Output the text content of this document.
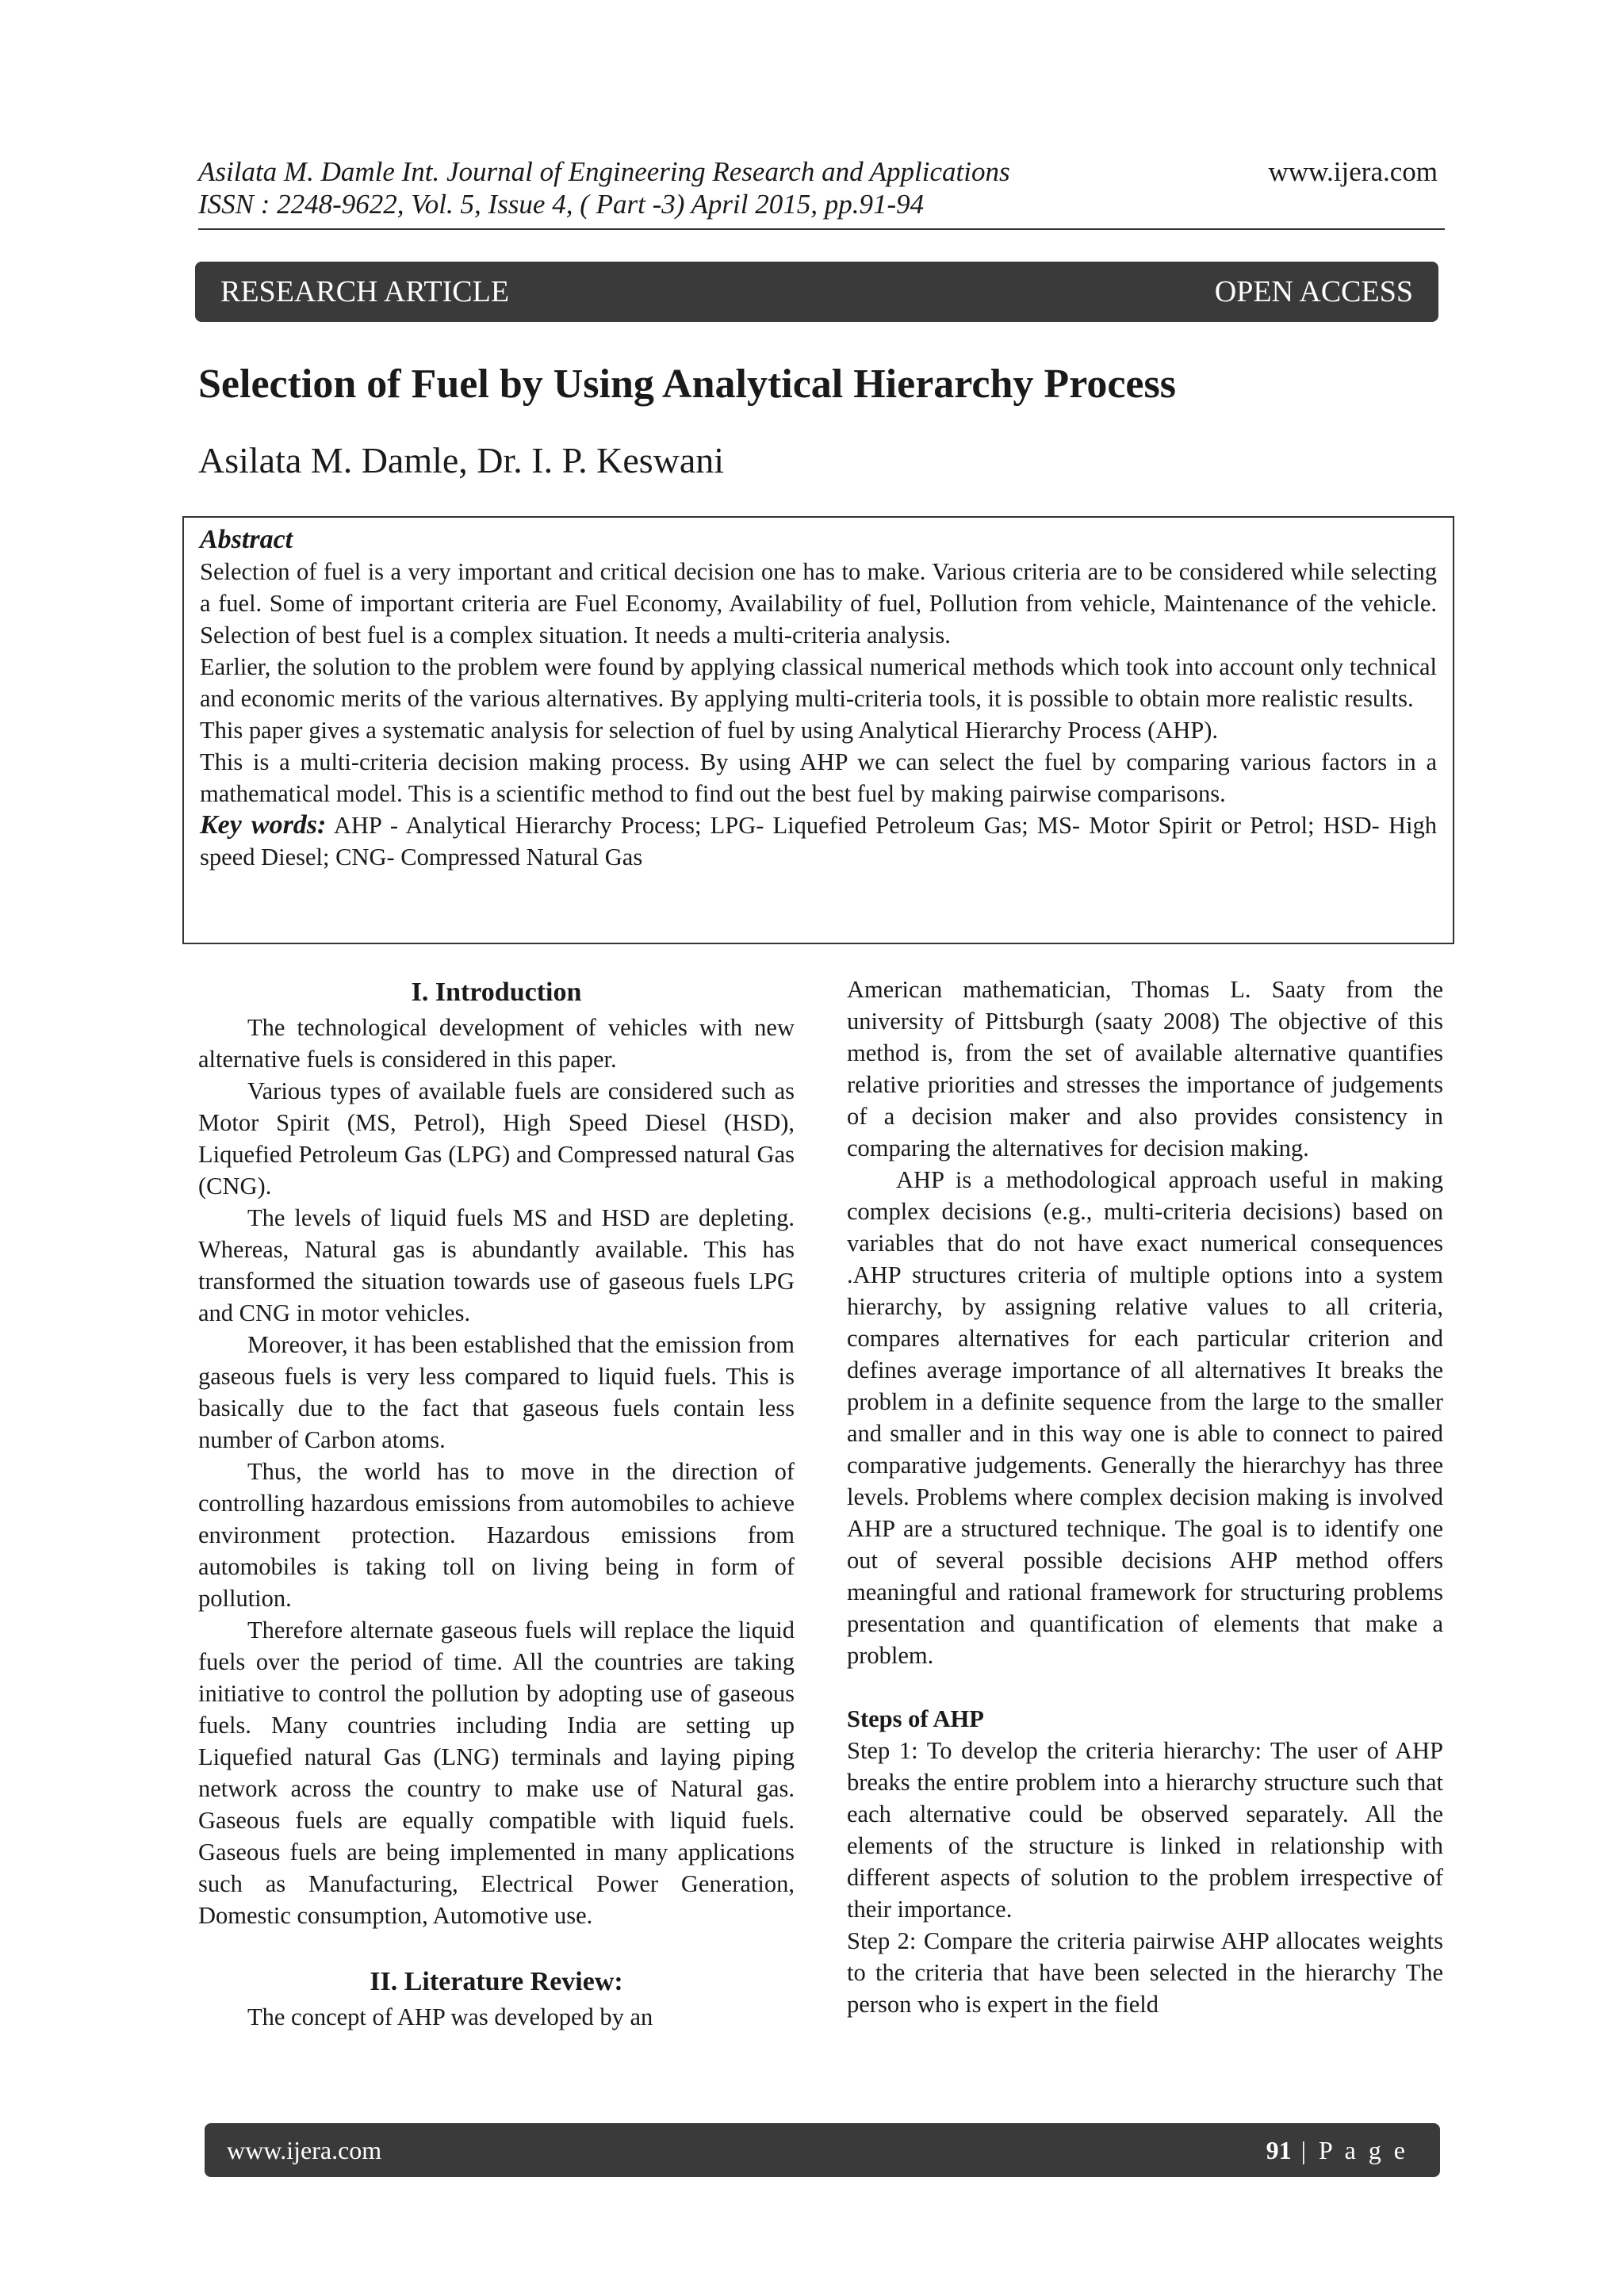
Asilata M. Damle Int. Journal of Engineering Research and Applications
ISSN : 2248-9622, Vol. 5, Issue 4, ( Part -3) April 2015, pp.91-94
www.ijera.com
RESEARCH ARTICLE	OPEN ACCESS
Selection of Fuel by Using Analytical Hierarchy Process
Asilata M. Damle, Dr. I. P. Keswani
Abstract

Selection of fuel is a very important and critical decision one has to make. Various criteria are to be considered while selecting a fuel. Some of important criteria are Fuel Economy, Availability of fuel, Pollution from vehicle, Maintenance of the vehicle. Selection of best fuel is a complex situation. It needs a multi-criteria analysis.

Earlier, the solution to the problem were found by applying classical numerical methods which took into account only technical and economic merits of the various alternatives. By applying multi-criteria tools, it is possible to obtain more realistic results.

This paper gives a systematic analysis for selection of fuel by using Analytical Hierarchy Process (AHP).

This is a multi-criteria decision making process. By using AHP we can select the fuel by comparing various factors in a mathematical model. This is a scientific method to find out the best fuel by making pairwise comparisons.

Key words: AHP - Analytical Hierarchy Process; LPG- Liquefied Petroleum Gas; MS- Motor Spirit or Petrol; HSD- High speed Diesel; CNG- Compressed Natural Gas

I. Introduction

The technological development of vehicles with new alternative fuels is considered in this paper.

Various types of available fuels are considered such as Motor Spirit (MS, Petrol), High Speed Diesel (HSD), Liquefied Petroleum Gas (LPG) and Compressed natural Gas (CNG).

The levels of liquid fuels MS and HSD are depleting. Whereas, Natural gas is abundantly available. This has transformed the situation towards use of gaseous fuels LPG and CNG in motor vehicles.

Moreover, it has been established that the emission from gaseous fuels is very less compared to liquid fuels. This is basically due to the fact that gaseous fuels contain less number of Carbon atoms.

Thus, the world has to move in the direction of controlling hazardous emissions from automobiles to achieve environment protection. Hazardous emissions from automobiles is taking toll on living being in form of pollution.

Therefore alternate gaseous fuels will replace the liquid fuels over the period of time. All the countries are taking initiative to control the pollution by adopting use of gaseous fuels. Many countries including India are setting up Liquefied natural Gas (LNG) terminals and laying piping network across the country to make use of Natural gas. Gaseous fuels are equally compatible with liquid fuels. Gaseous fuels are being implemented in many applications such as Manufacturing, Electrical Power Generation, Domestic consumption, Automotive use.

II. Literature Review:

The concept of AHP was developed by an

American mathematician, Thomas L. Saaty from the university of Pittsburgh (saaty 2008) The objective of this method is, from the set of available alternative quantifies relative priorities and stresses the importance of judgements of a decision maker and also provides consistency in comparing the alternatives for decision making.

AHP is a methodological approach useful in making complex decisions (e.g., multi-criteria decisions) based on variables that do not have exact numerical consequences .AHP structures criteria of multiple options into a system hierarchy, by assigning relative values to all criteria, compares alternatives for each particular criterion and defines average importance of all alternatives It breaks the problem in a definite sequence from the large to the smaller and smaller and in this way one is able to connect to paired comparative judgements. Generally the hierarchyy has three levels. Problems where complex decision making is involved AHP are a structured technique. The goal is to identify one out of several possible decisions AHP method offers meaningful and rational framework for structuring problems presentation and quantification of elements that make a problem.

Steps of AHP

Step 1: To develop the criteria hierarchy: The user of AHP breaks the entire problem into a hierarchy structure such that each alternative could be observed separately. All the elements of the structure is linked in relationship with different aspects of solution to the problem irrespective of their importance.

Step 2: Compare the criteria pairwise AHP allocates weights to the criteria that have been selected in the hierarchy The person who is expert in the field

www.ijera.com	91 | P a g e
